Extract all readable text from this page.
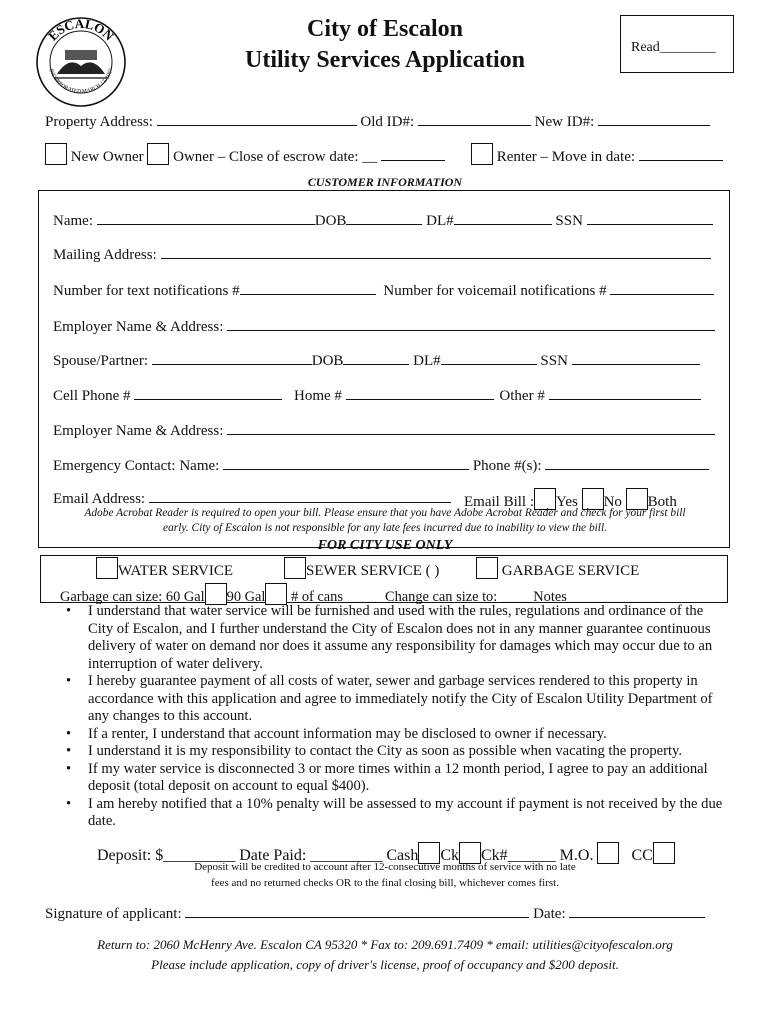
ESCALON
INCORPORATED MARCH 12, 1957
City of Escalon
Utility Services Application	Read________
Property Address:	Old ID#:	New ID#:
New Owner Owner – Close of escrow date: __	Renter – Move in date:
CUSTOMER INFORMATION
Name:	DOB	DL#	SSN
Mailing Address:
Number for text notifications #	Number for voicemail notifications #
Employer Name & Address:
Spouse/Partner:	DOB	DL#	SSN
Cell Phone #	Home #	Other #
Employer Name & Address:
Emergency Contact: Name:	Phone #(s):
Email Address:	Email Bill : Yes No Both
Adobe Acrobat Reader is required to open your bill. Please ensure that you have Adobe Acrobat Reader and check for your first bill
early. City of Escalon is not responsible for any late fees incurred due to inability to view the bill.
FOR CITY USE ONLY
WATER SERVICE	SEWER SERVICE ( )	GARBAGE SERVICE
Garbage can size: 60 Gal 90 Gal # of cans ____ Change can size to: ____ Notes_____________
• I understand that water service will be furnished and used with the rules, regulations and ordinance of the City of Escalon, and I further understand the City of Escalon does not in any manner guarantee continuous delivery of water on demand nor does it assume any responsibility for damages which may occur due to an interruption of water delivery.
• I hereby guarantee payment of all costs of water, sewer and garbage services rendered to this property in accordance with this application and agree to immediately notify the City of Escalon Utility Department of any changes to this account.
• If a renter, I understand that account information may be disclosed to owner if necessary.
• I understand it is my responsibility to contact the City as soon as possible when vacating the property.
• If my water service is disconnected 3 or more times within a 12 month period, I agree to pay an additional deposit (total deposit on account to equal $400).
• I am hereby notified that a 10% penalty will be assessed to my account if payment is not received by the due date.
Deposit: $_________ Date Paid: _________ Cash Ck Ck#______ M.O. CC
Deposit will be credited to account after 12-consecutive months of service with no late
fees and no returned checks OR to the final closing bill, whichever comes first.
Signature of applicant:	Date:
Return to: 2060 McHenry Ave. Escalon CA 95320 * Fax to: 209.691.7409 * email: utilities@cityofescalon.org
Please include application, copy of driver's license, proof of occupancy and $200 deposit.
